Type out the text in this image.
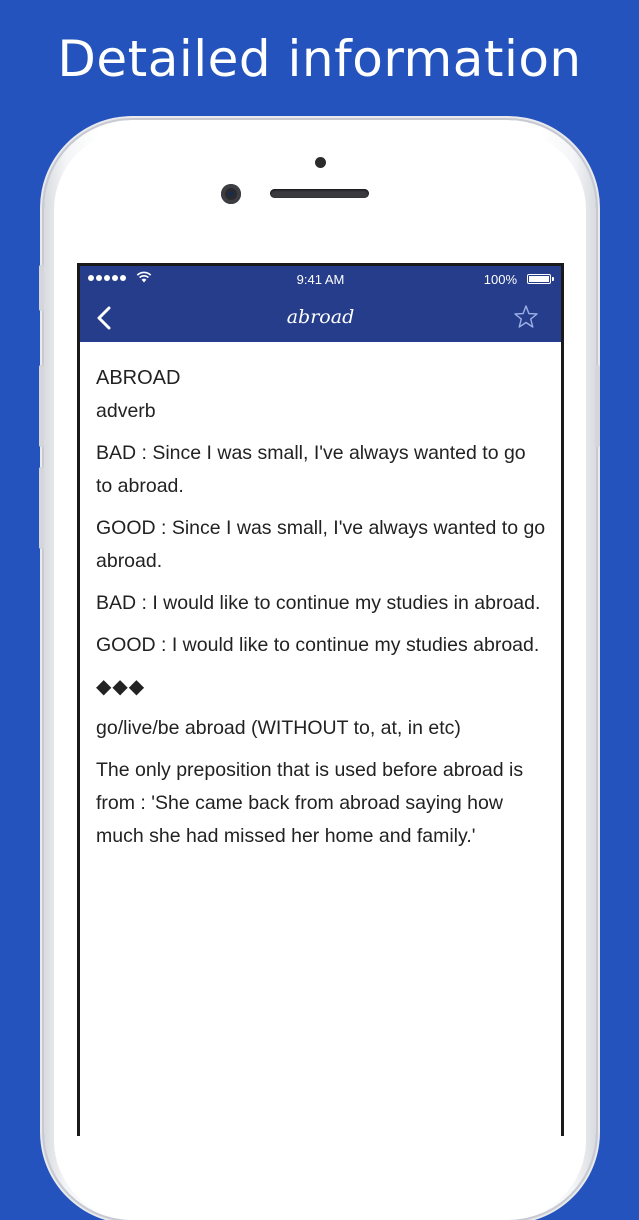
Detailed information
9:41 AM	100%
abroad

ABROAD

adverb

BAD : Since I was small, I've always wanted to go to abroad.

GOOD : Since I was small, I've always wanted to go abroad.

BAD : I would like to continue my studies in abroad.

GOOD : I would like to continue my studies abroad.

◆◆◆

go/live/be abroad (WITHOUT to, at, in etc)

The only preposition that is used before abroad is from : 'She came back from abroad saying how much she had missed her home and family.'
